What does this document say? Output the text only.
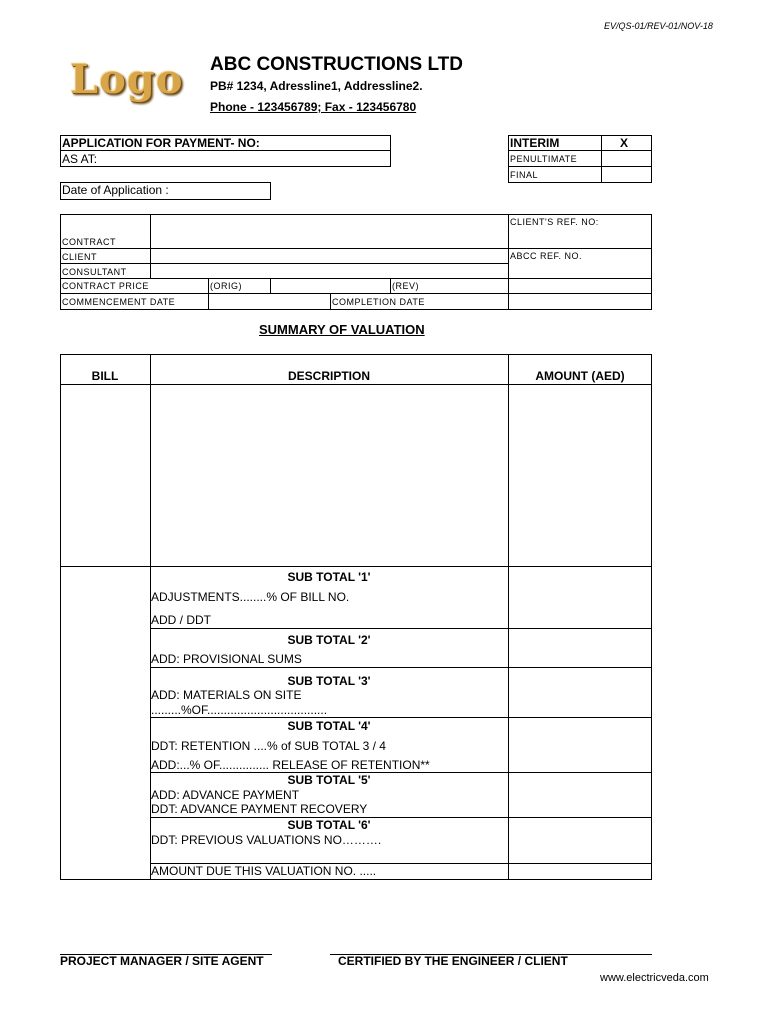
EV/QS-01/REV-01/NOV-18
Logo ABC CONSTRUCTIONS LTD
PB# 1234, Adressline1, Addressline2.
Phone - 123456789; Fax - 123456780
APPLICATION FOR PAYMENT- NO:
AS AT:
Date of Application :
INTERIM	X
PENULTIMATE
FINAL
CLIENT'S REF. NO:
ABCC REF. NO.
CONTRACT
CLIENT
CONSULTANT
CONTRACT PRICE	(ORIG)	(REV)
COMMENCEMENT DATE	COMPLETION DATE
SUMMARY OF VALUATION
BILL	DESCRIPTION	AMOUNT (AED)
SUB TOTAL '1'
ADJUSTMENTS........% OF BILL NO.
ADD / DDT
SUB TOTAL '2'
ADD: PROVISIONAL SUMS
SUB TOTAL '3'
ADD: MATERIALS ON SITE
.........%OF....................................
SUB TOTAL '4'
DDT: RETENTION ....% of SUB TOTAL 3 / 4
ADD:...% OF............... RELEASE OF RETENTION**
SUB TOTAL '5'
ADD: ADVANCE PAYMENT
DDT: ADVANCE PAYMENT RECOVERY
SUB TOTAL '6'
DDT: PREVIOUS VALUATIONS NO……….
AMOUNT DUE THIS VALUATION NO. .....
PROJECT MANAGER / SITE AGENT	CERTIFIED BY THE ENGINEER / CLIENT
www.electricveda.com
